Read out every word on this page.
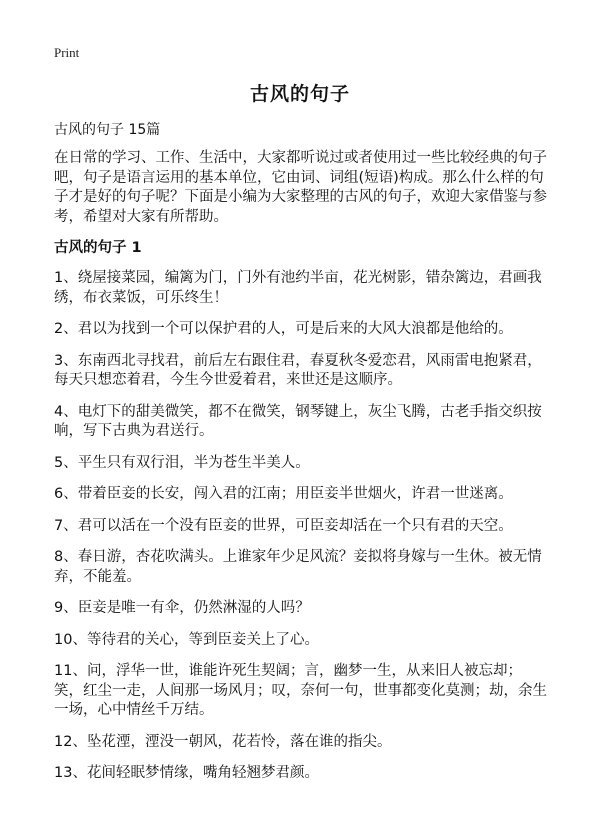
Print
古风的句子
古风的句子 15篇

在日常的学习、工作、生活中，大家都听说过或者使用过一些比较经典的句子吧，句子是语言运用的基本单位，它由词、词组(短语)构成。那么什么样的句子才是好的句子呢？下面是小编为大家整理的古风的句子，欢迎大家借鉴与参考，希望对大家有所帮助。

古风的句子 1
1、绕屋接菜园，编篱为门，门外有池约半亩，花光树影，错杂篱边，君画我绣，布衣菜饭，可乐终生！
2、君以为找到一个可以保护君的人，可是后来的大风大浪都是他给的。
3、东南西北寻找君，前后左右跟住君，春夏秋冬爱恋君，风雨雷电抱紧君，每天只想恋着君，今生今世爱着君，来世还是这顺序。
4、电灯下的甜美微笑，都不在微笑，钢琴键上，灰尘飞腾，古老手指交织按响，写下古典为君送行。
5、平生只有双行泪，半为苍生半美人。
6、带着臣妾的长安，闯入君的江南；用臣妾半世烟火，许君一世迷离。
7、君可以活在一个没有臣妾的世界，可臣妾却活在一个只有君的天空。
8、春日游，杏花吹满头。上谁家年少足风流？妾拟将身嫁与一生休。被无情弃，不能羞。
9、臣妾是唯一有伞，仍然淋湿的人吗？
10、等待君的关心，等到臣妾关上了心。
11、问，浮华一世，谁能许死生契阔；言，幽梦一生，从来旧人被忘却；笑，红尘一走，人间那一场风月；叹，奈何一句，世事都变化莫测；劫，余生一场，心中情丝千万结。
12、坠花湮，湮没一朝风，花若怜，落在谁的指尖。
13、花间轻眠梦情缘，嘴角轻翘梦君颜。
